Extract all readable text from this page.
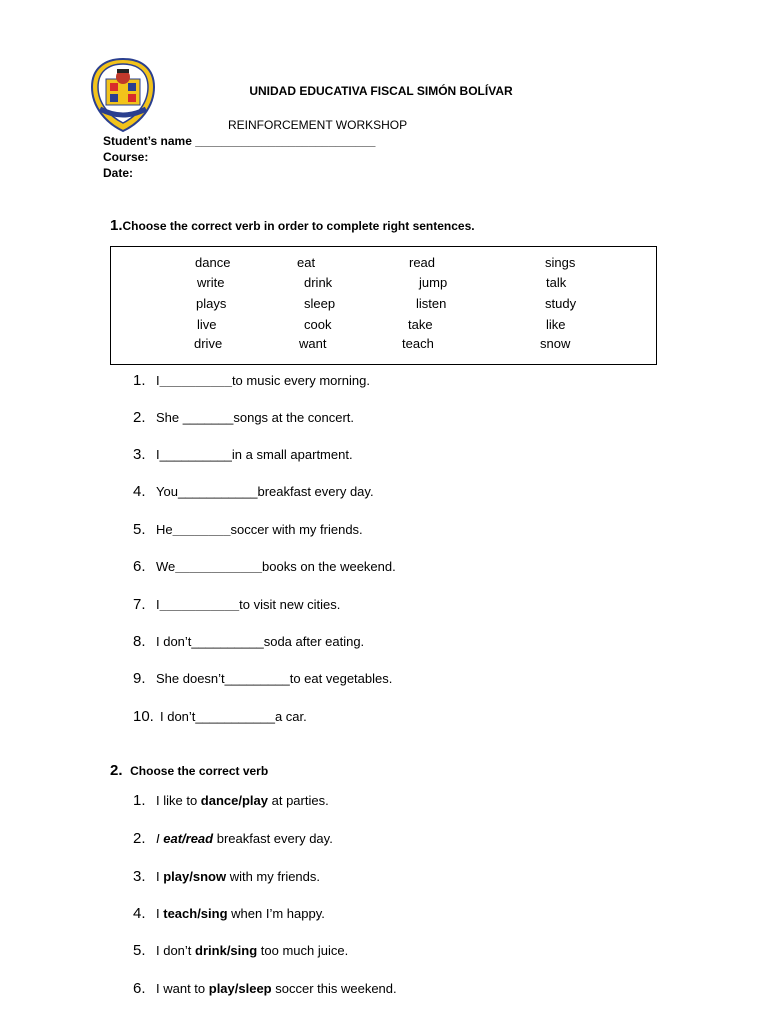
UNIDAD EDUCATIVA FISCAL SIMÓN BOLÍVAR
REINFORCEMENT WORKSHOP
Student’s name ___________________________
Course:
Date:
1.Choose the correct verb in order to complete right sentences.
dance	eat	read	sings
write	drink	jump	talk
plays	sleep	listen	study
live	cook	take	like
drive	want	teach	snow
1. I__________to music every morning.
2. She _______songs at the concert.
3. I__________in a small apartment.
4. You___________breakfast every day.
5. He________soccer with my friends.
6. We____________books on the weekend.
7. I___________to visit new cities.
8. I don’t__________soda after eating.
9. She doesn’t_________to eat vegetables.
10. I don’t___________a car.
2. Choose the correct verb
1. I like to dance/play at parties.
2. I eat/read breakfast every day.
3. I play/snow with my friends.
4. I teach/sing when I’m happy.
5. I don’t drink/sing too much juice.
6. I want to play/sleep soccer this weekend.
